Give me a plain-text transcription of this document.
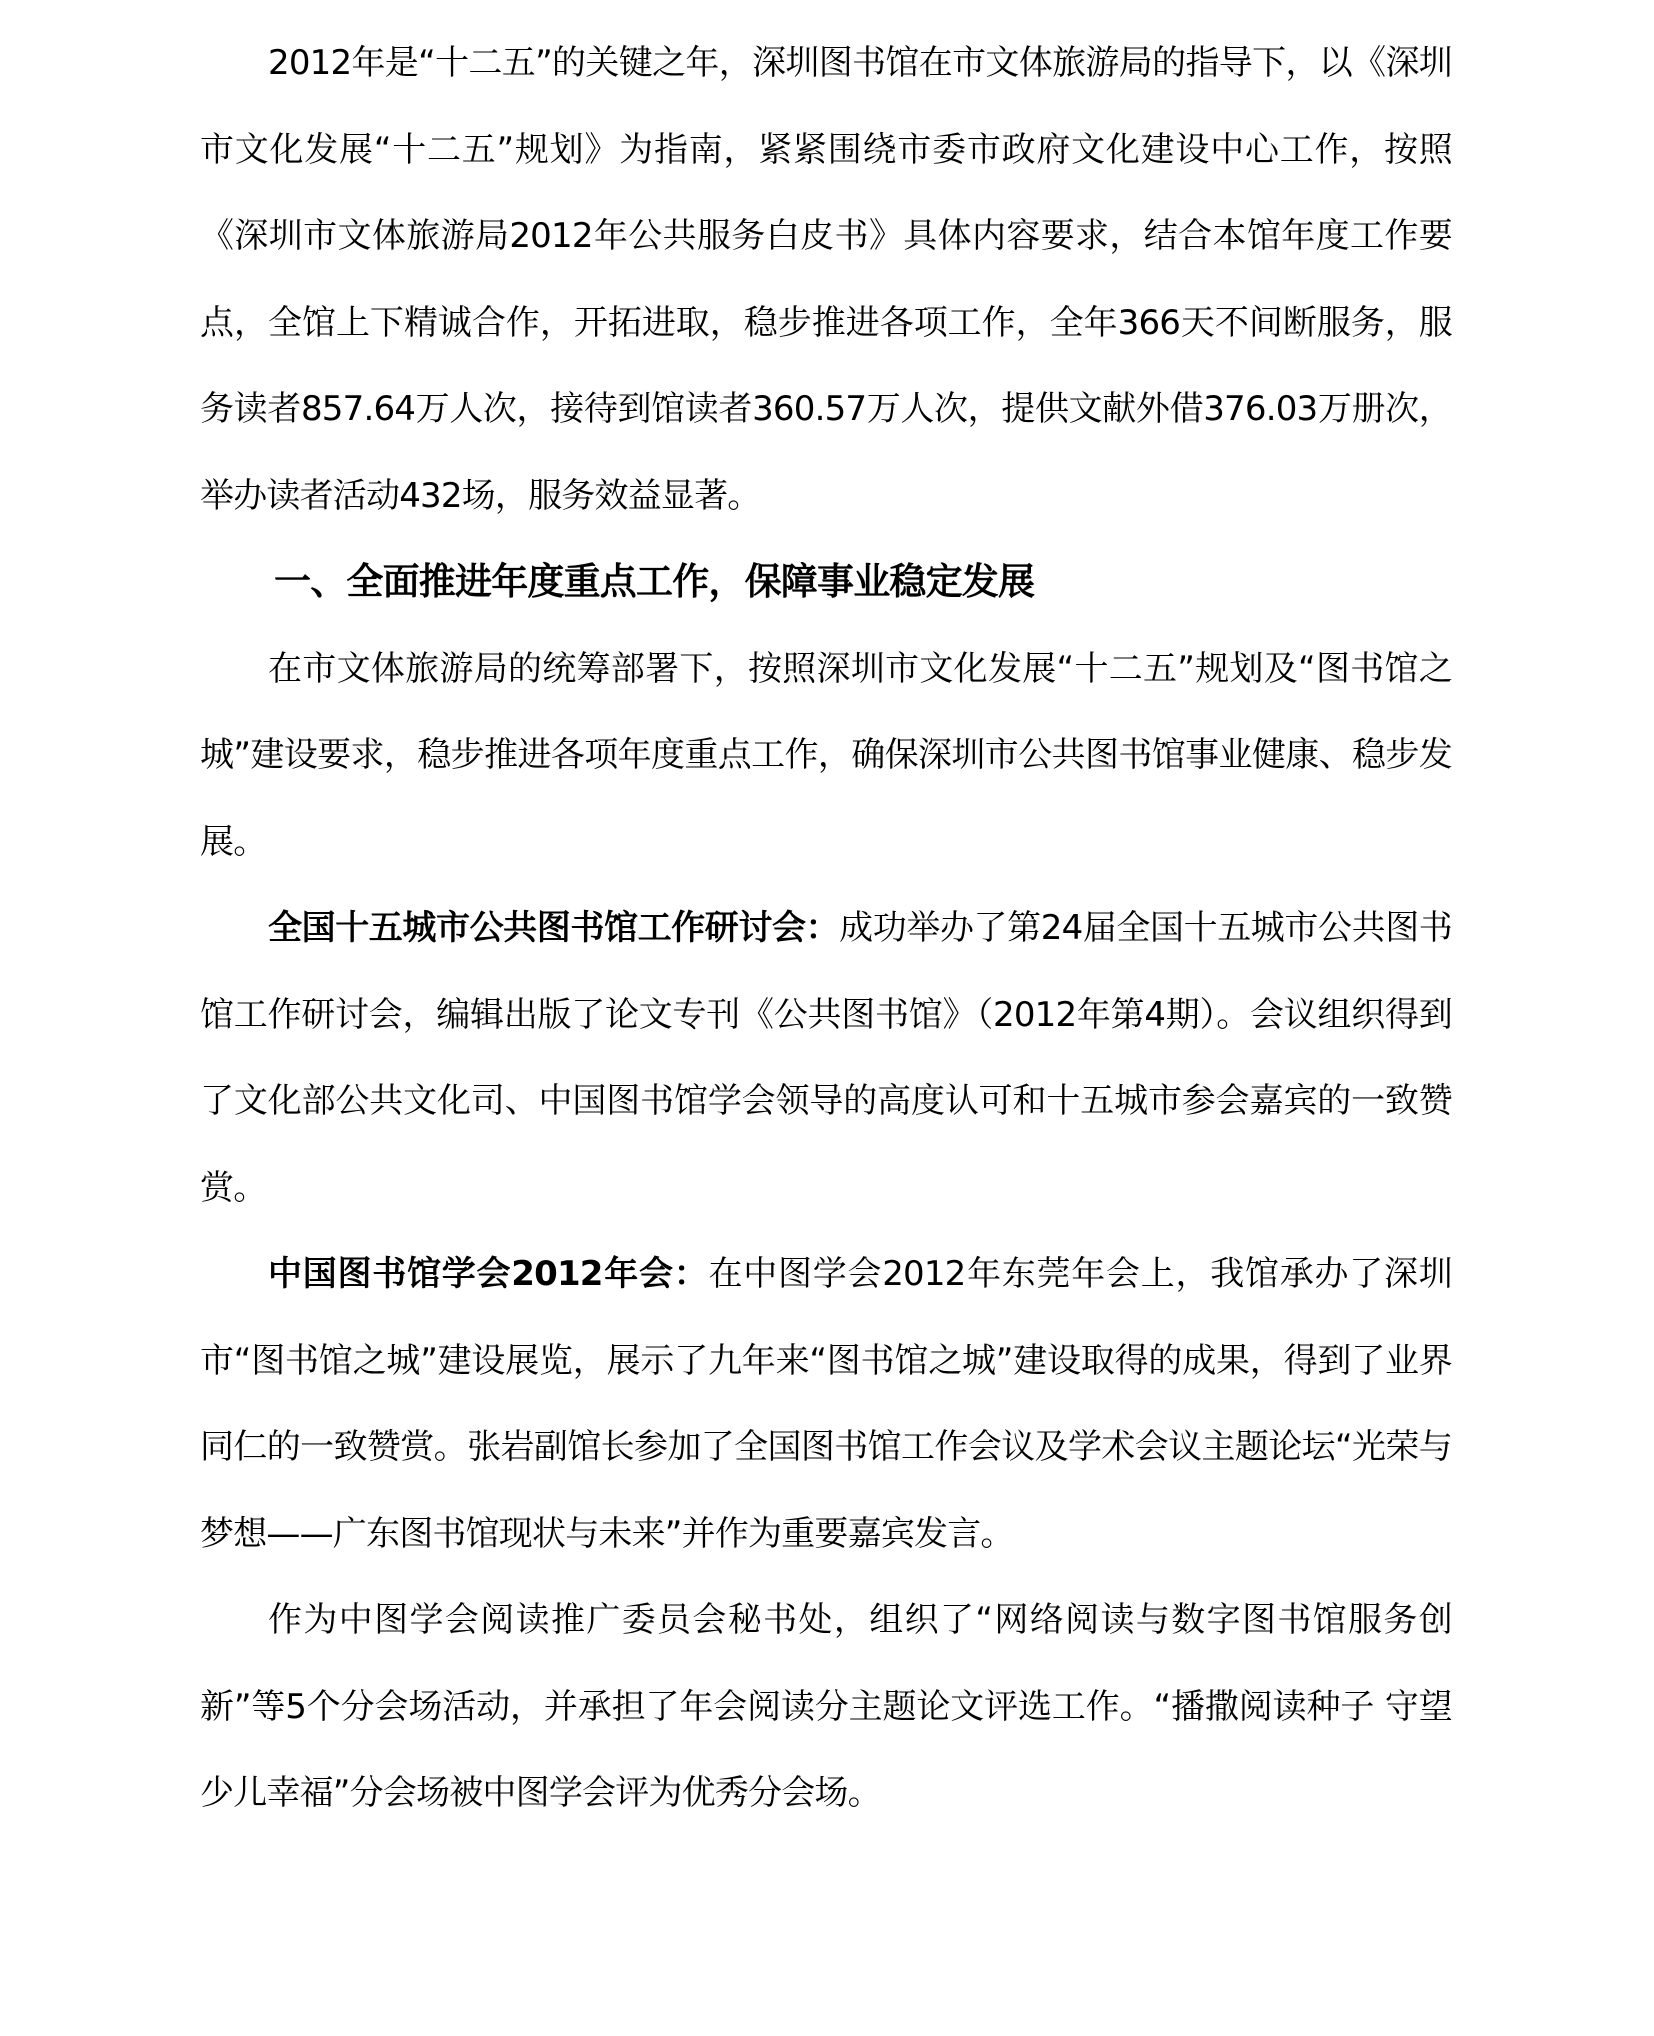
2012年是“十二五”的关键之年，深圳图书馆在市文体旅游局的指导下，以《深圳市文化发展“十二五”规划》为指南，紧紧围绕市委市政府文化建设中心工作，按照《深圳市文体旅游局2012年公共服务白皮书》具体内容要求，结合本馆年度工作要点，全馆上下精诚合作，开拓进取，稳步推进各项工作，全年366天不间断服务，服务读者857.64万人次，接待到馆读者360.57万人次，提供文献外借376.03万册次，举办读者活动432场，服务效益显著。

一、全面推进年度重点工作，保障事业稳定发展

在市文体旅游局的统筹部署下，按照深圳市文化发展“十二五”规划及“图书馆之城”建设要求，稳步推进各项年度重点工作，确保深圳市公共图书馆事业健康、稳步发展。

全国十五城市公共图书馆工作研讨会：成功举办了第24届全国十五城市公共图书馆工作研讨会，编辑出版了论文专刊《公共图书馆》（2012年第4期）。会议组织得到了文化部公共文化司、中国图书馆学会领导的高度认可和十五城市参会嘉宾的一致赞赏。

中国图书馆学会2012年会：在中图学会2012年东莞年会上，我馆承办了深圳市“图书馆之城”建设展览，展示了九年来“图书馆之城”建设取得的成果，得到了业界同仁的一致赞赏。张岩副馆长参加了全国图书馆工作会议及学术会议主题论坛“光荣与梦想——广东图书馆现状与未来”并作为重要嘉宾发言。

作为中图学会阅读推广委员会秘书处，组织了“网络阅读与数字图书馆服务创新”等5个分会场活动，并承担了年会阅读分主题论文评选工作。“播撒阅读种子 守望少儿幸福”分会场被中图学会评为优秀分会场。
